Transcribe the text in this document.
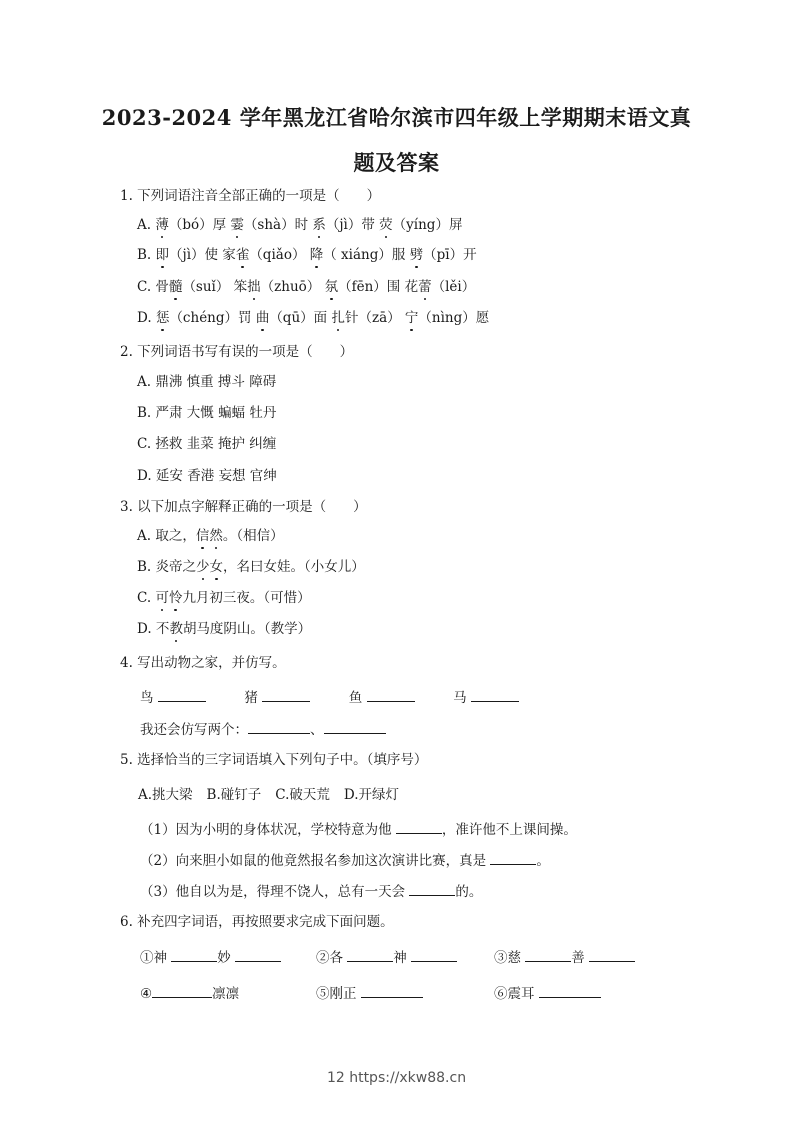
2023-2024 学年黑龙江省哈尔滨市四年级上学期期末语文真
题及答案
1. 下列词语注音全部正确的一项是（　　）
A. 薄（bó）厚 霎（shà）时 系（jì）带 荧（yíng）屏
B. 即（jì）使 家雀（qiǎo） 降（ xiáng）服 劈（pī）开
C. 骨髓（suǐ） 笨拙（zhuō） 氛（fēn）围 花蕾（lěi）
D. 惩（chéng）罚 曲（qū）面 扎针（zā） 宁（nìng）愿
2. 下列词语书写有误的一项是（　　）
A. 鼎沸 慎重 搏斗 障碍
B. 严肃 大慨 蝙蝠 牡丹
C. 拯救 韭菜 掩护 纠缠
D. 延安 香港 妄想 官绅
3. 以下加点字解释正确的一项是（　　）
A. 取之，信然。（相信）
B. 炎帝之少女，名曰女娃。（小女儿）
C. 可怜九月初三夜。（可惜）
D. 不教胡马度阴山。（教学）
4. 写出动物之家，并仿写。
鸟	猪	鱼	马
我还会仿写两个：	、
5. 选择恰当的三字词语填入下列句子中。（填序号）
A.挑大梁 B.碰钉子 C.破天荒 D.开绿灯
（1）因为小明的身体状况，学校特意为他	，准许他不上课间操。
（2）向来胆小如鼠的他竟然报名参加这次演讲比赛，真是	。
（3）他自以为是，得理不饶人，总有一天会	的。
6. 补充四字词语，再按照要求完成下面问题。
①神	妙	②各	神	③慈	善
④	凛凛	⑤刚正	⑥震耳
12 https://xkw88.cn
